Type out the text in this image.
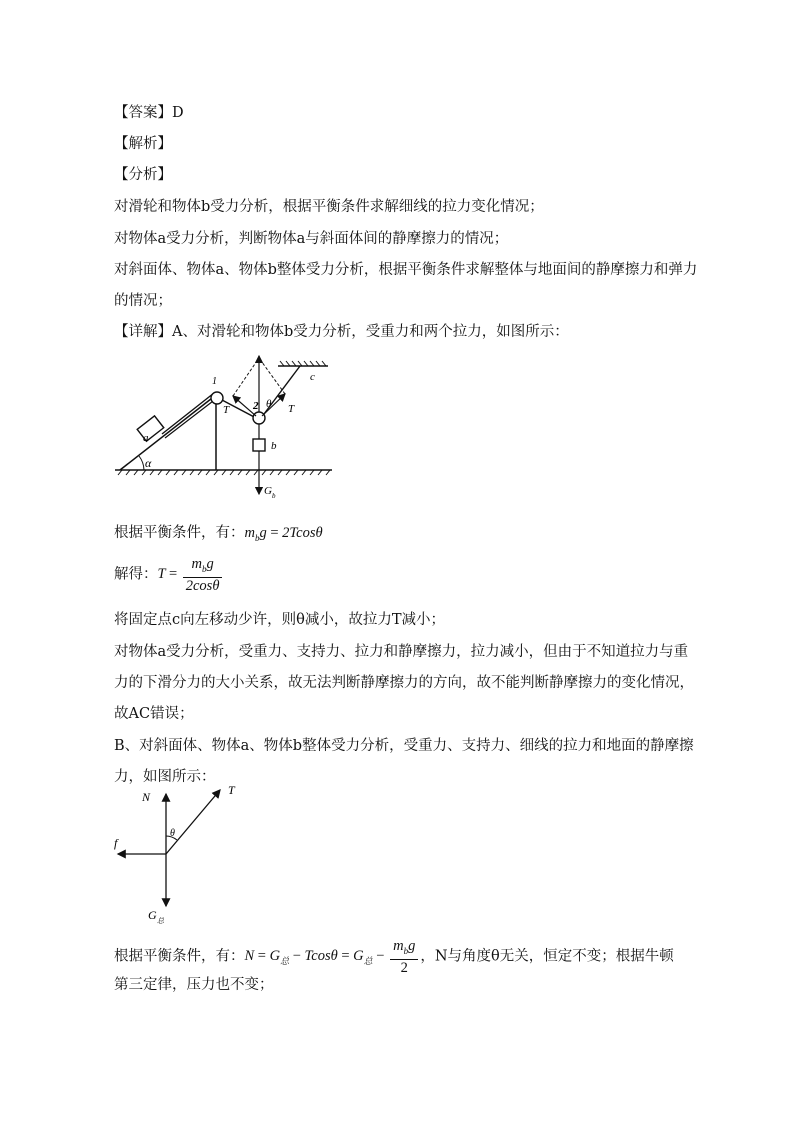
【答案】D
【解析】
【分析】
对滑轮和物体b受力分析，根据平衡条件求解细线的拉力变化情况；
对物体a受力分析，判断物体a与斜面体间的静摩擦力的情况；
对斜面体、物体a、物体b整体受力分析，根据平衡条件求解整体与地面间的静摩擦力和弹力
的情况；
【详解】A、对滑轮和物体b受力分析，受重力和两个拉力，如图所示：
α
a
1
2
c
T	T
θ
b
G b
根据平衡条件，有：$m_bg = 2Tcos\theta$
解得：$T = \frac{m_bg}{2\cos\theta}$
将固定点c向左移动少许，则θ减小，故拉力T减小；
对物体a受力分析，受重力、支持力、拉力和静摩擦力，拉力减小，但由于不知道拉力与重
力的下滑分力的大小关系，故无法判断静摩擦力的方向，故不能判断静摩擦力的变化情况，
故AC错误；
B、对斜面体、物体a、物体b整体受力分析，受重力、支持力、细线的拉力和地面的静摩擦
力，如图所示：
N	T
θ
f
G 总
根据平衡条件，有：$N = G_总 - Tcos\theta = G_总 - \frac{m_bg}{2}$ ，N与角度θ无关，恒定不变；根据牛顿
第三定律，压力也不变；
